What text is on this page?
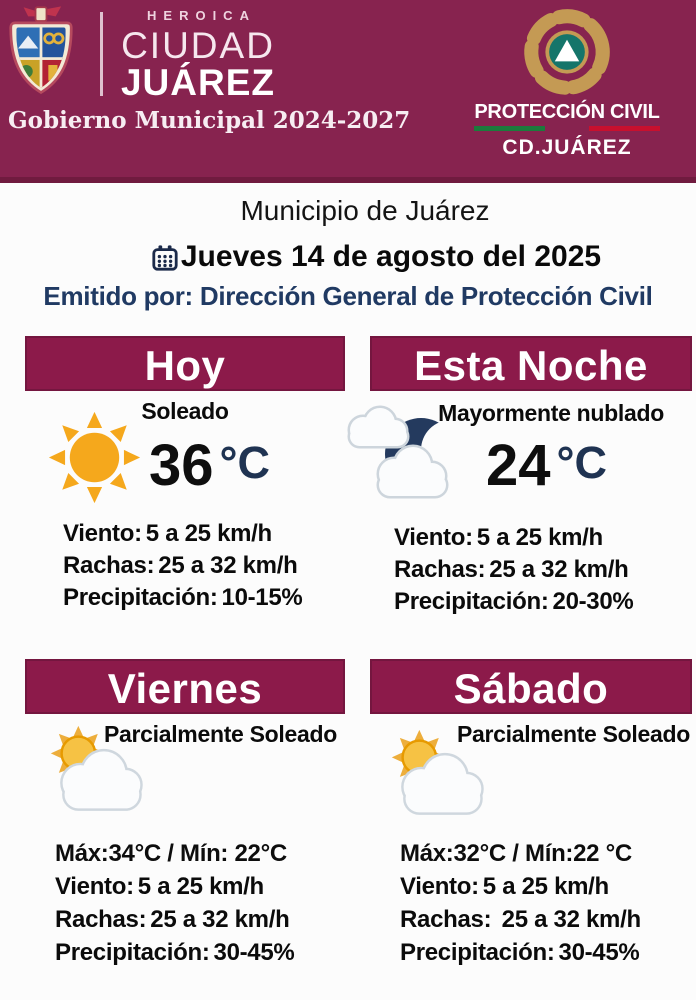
HEROICA
CIUDAD
JUÁREZ
Gobierno Municipal 2024-2027	PROTECCIÓN CIVIL
CD.JUÁREZ
Municipio de Juárez
Jueves 14 de agosto del 2025
Emitido por: Dirección General de Protección Civil
Hoy
Soleado
36 °C
Viento: 5 a 25 km/h
Rachas: 25 a 32 km/h
Precipitación: 10-15%
Esta Noche
Mayormente nublado
24 °C
Viento: 5 a 25 km/h
Rachas: 25 a 32 km/h
Precipitación: 20-30%
Viernes
Parcialmente Soleado
Máx:34°C / Mín: 22°C
Viento: 5 a 25 km/h
Rachas: 25 a 32 km/h
Precipitación: 30-45%
Sábado
Parcialmente Soleado
Máx:32°C / Mín:22 °C
Viento: 5 a 25 km/h
Rachas: 25 a 32 km/h
Precipitación: 30-45%
